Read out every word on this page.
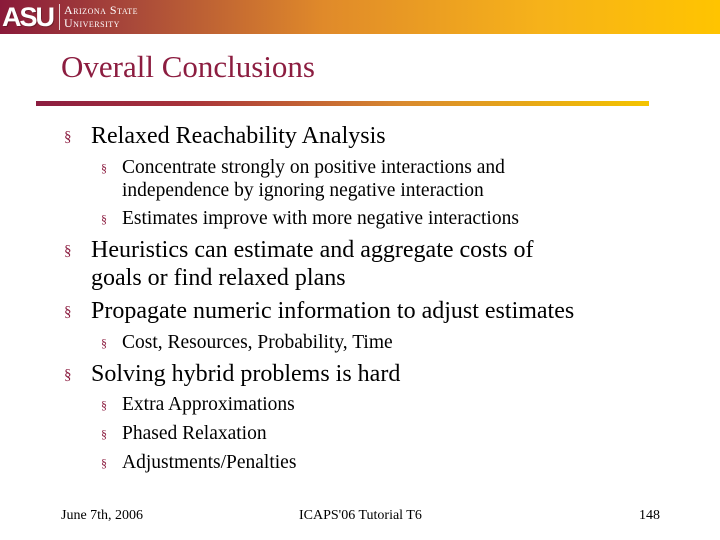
ASU Arizona State
University
Overall Conclusions
§ Relaxed Reachability Analysis
§ Concentrate strongly on positive interactions and
independence by ignoring negative interaction
§ Estimates improve with more negative interactions
§ Heuristics can estimate and aggregate costs of
goals or find relaxed plans
§ Propagate numeric information to adjust estimates
§ Cost, Resources, Probability, Time
§ Solving hybrid problems is hard
§ Extra Approximations
§ Phased Relaxation
§ Adjustments/Penalties
June 7th, 2006	ICAPS'06 Tutorial T6	148
